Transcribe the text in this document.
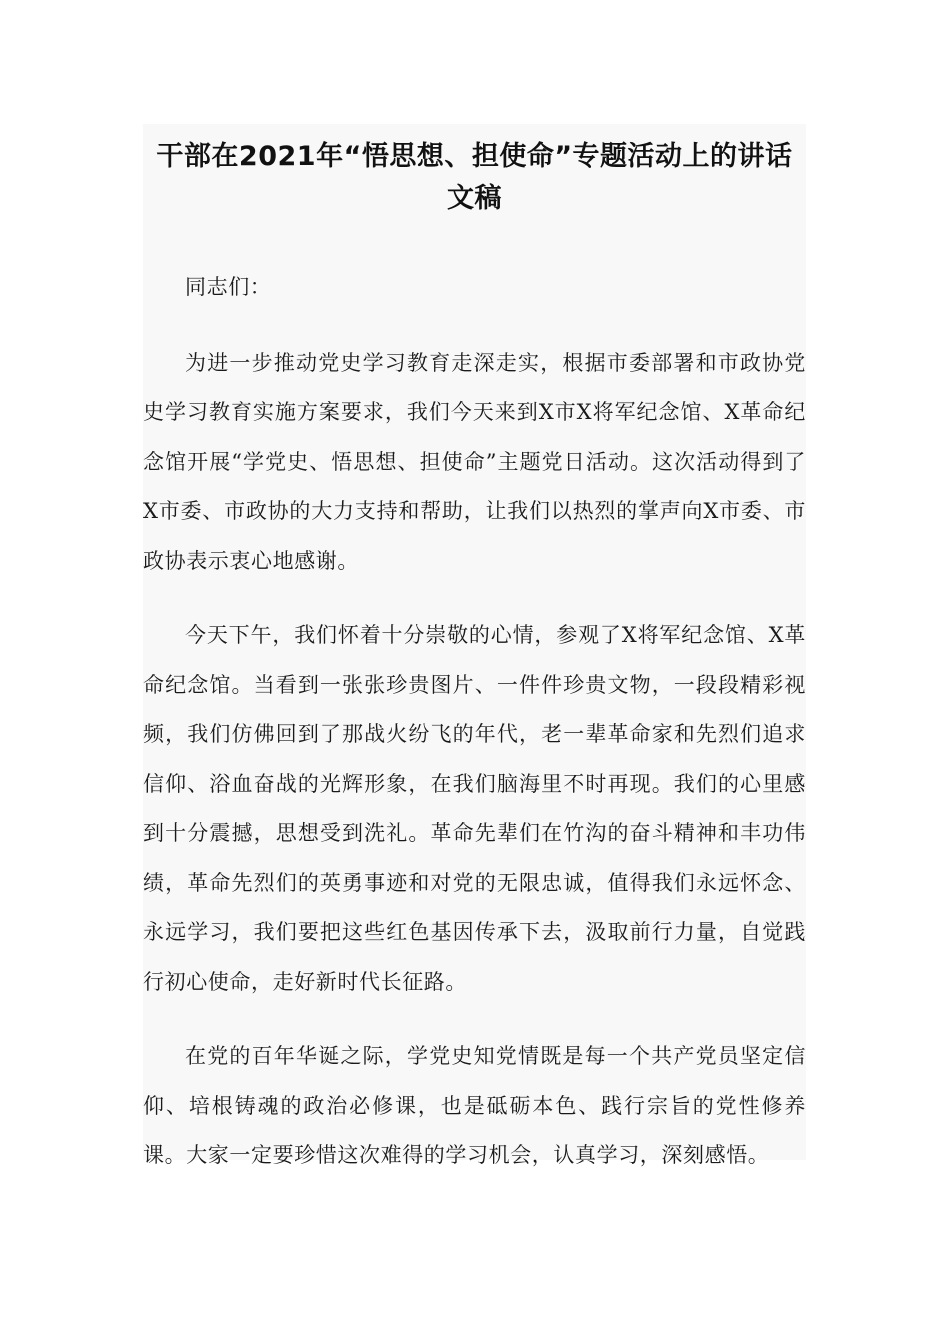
干部在2021年“悟思想、担使命”专题活动上的讲话文稿

同志们：

为进一步推动党史学习教育走深走实，根据市委部署和市政协党史学习教育实施方案要求，我们今天来到X市X将军纪念馆、X革命纪念馆开展“学党史、悟思想、担使命”主题党日活动。这次活动得到了X市委、市政协的大力支持和帮助，让我们以热烈的掌声向X市委、市政协表示衷心地感谢。

今天下午，我们怀着十分崇敬的心情，参观了X将军纪念馆、X革命纪念馆。当看到一张张珍贵图片、一件件珍贵文物，一段段精彩视频，我们仿佛回到了那战火纷飞的年代，老一辈革命家和先烈们追求信仰、浴血奋战的光辉形象，在我们脑海里不时再现。我们的心里感到十分震撼，思想受到洗礼。革命先辈们在竹沟的奋斗精神和丰功伟绩，革命先烈们的英勇事迹和对党的无限忠诚，值得我们永远怀念、永远学习，我们要把这些红色基因传承下去，汲取前行力量，自觉践行初心使命，走好新时代长征路。

在党的百年华诞之际，学党史知党情既是每一个共产党员坚定信仰、培根铸魂的政治必修课，也是砥砺本色、践行宗旨的党性修养课。大家一定要珍惜这次难得的学习机会，认真学习，深刻感悟。
